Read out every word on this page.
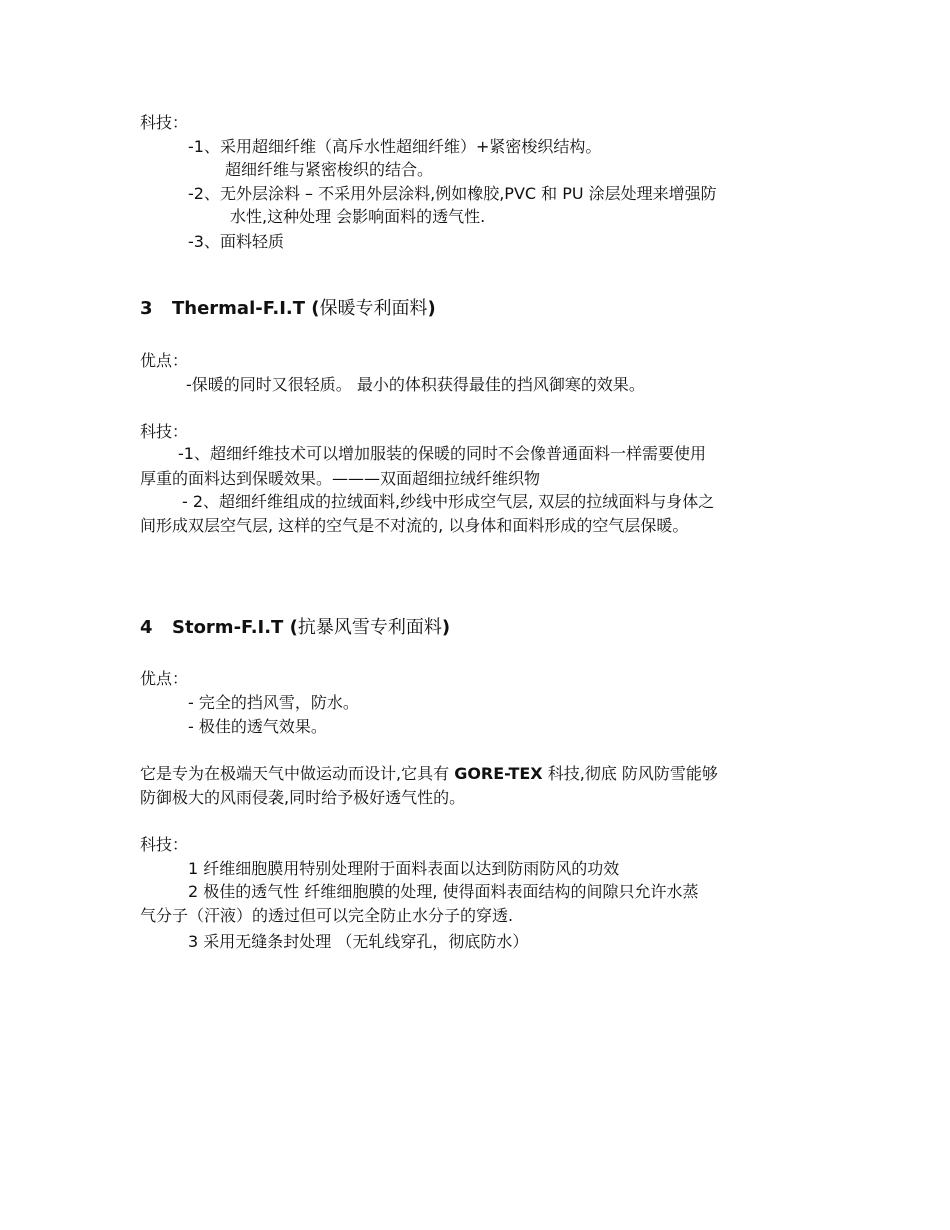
科技：
-1、采用超细纤维（高斥水性超细纤维）+紧密梭织结构。
超细纤维与紧密梭织的结合。
-2、无外层涂料 – 不采用外层涂料,例如橡胶,PVC 和 PU 涂层处理来增强防
水性,这种处理 会影响面料的透气性.
-3、面料轻质
3 Thermal-F.I.T (保暖专利面料)
优点：
-保暖的同时又很轻质。 最小的体积获得最佳的挡风御寒的效果。
科技：
-1、超细纤维技术可以增加服装的保暖的同时不会像普通面料一样需要使用
厚重的面料达到保暖效果。———双面超细拉绒纤维织物
- 2、超细纤维组成的拉绒面料,纱线中形成空气层, 双层的拉绒面料与身体之
间形成双层空气层, 这样的空气是不对流的, 以身体和面料形成的空气层保暖。
4 Storm-F.I.T (抗暴风雪专利面料)
优点：
- 完全的挡风雪，防水。
- 极佳的透气效果。
它是专为在极端天气中做运动而设计,它具有 GORE-TEX 科技,彻底 防风防雪能够
防御极大的风雨侵袭,同时给予极好透气性的。
科技：
1 纤维细胞膜用特别处理附于面料表面以达到防雨防风的功效
2 极佳的透气性 纤维细胞膜的处理, 使得面料表面结构的间隙只允许水蒸
气分子（汗液）的透过但可以完全防止水分子的穿透.
3 采用无缝条封处理 （无轧线穿孔，彻底防水）
